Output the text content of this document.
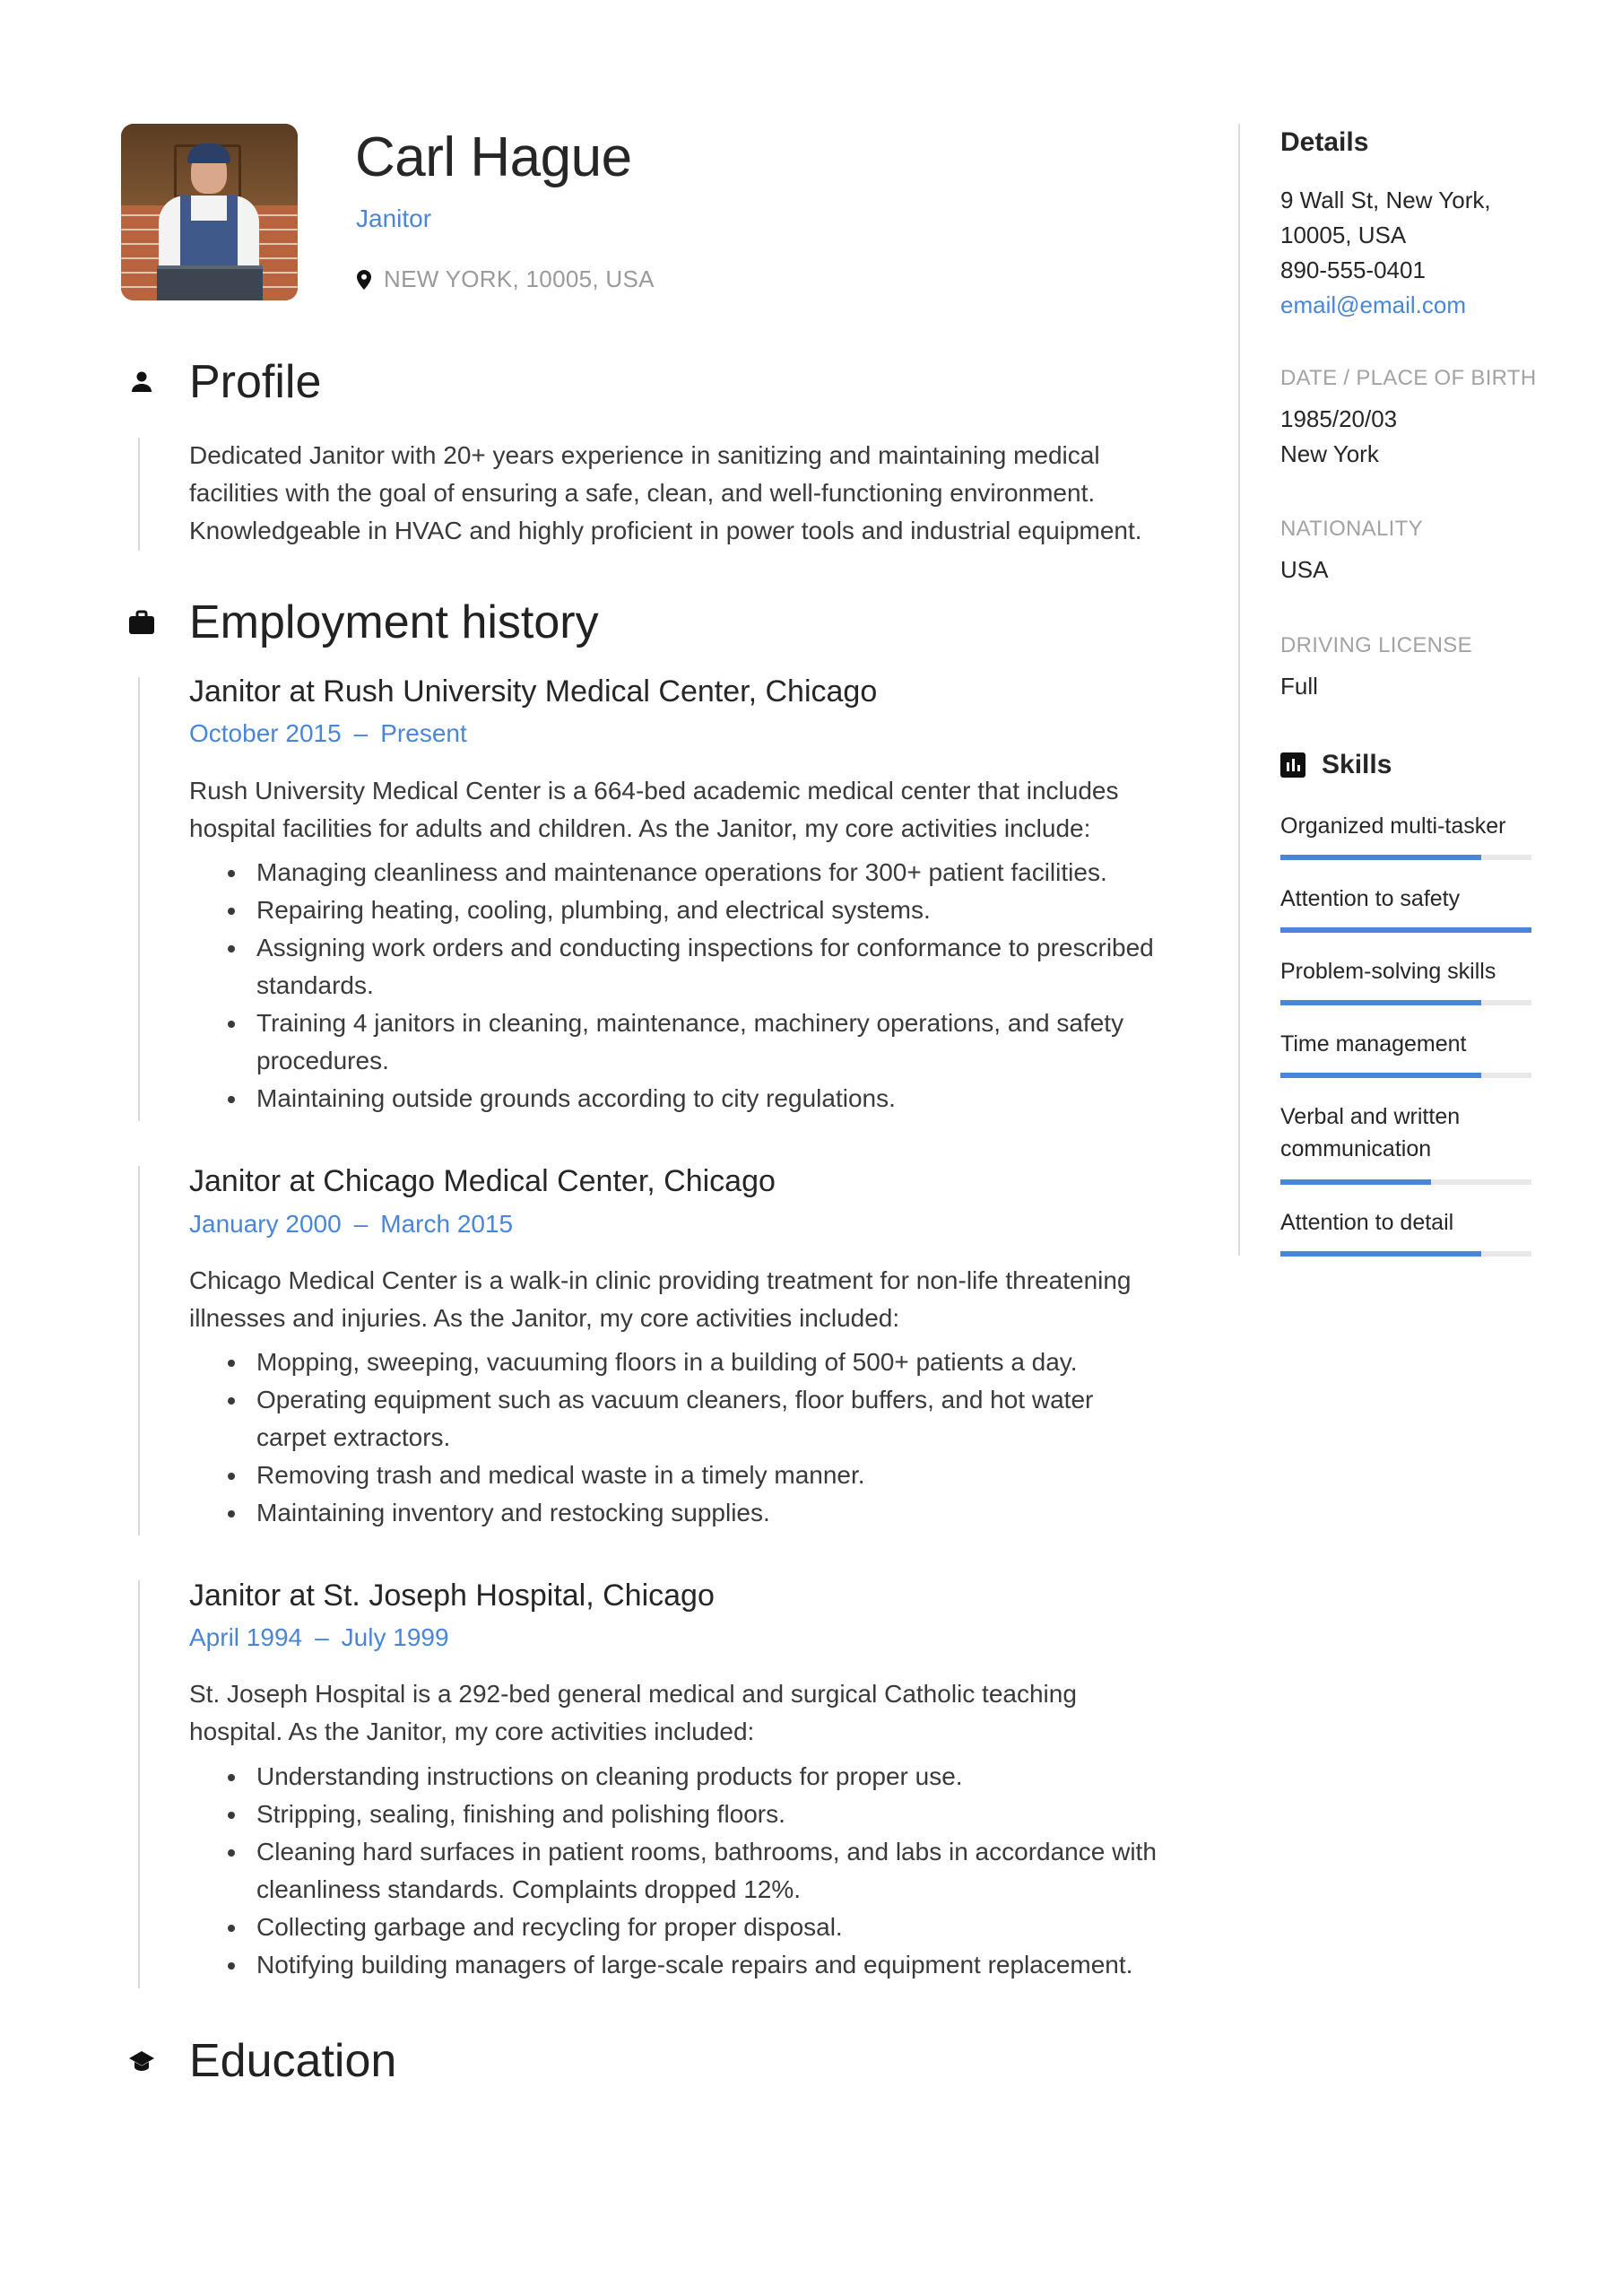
Carl Hague
Janitor
NEW YORK, 10005, USA
Profile
Dedicated Janitor with 20+ years experience in sanitizing and maintaining medical
facilities with the goal of ensuring a safe, clean, and well-functioning environment.
Knowledgeable in HVAC and highly proficient in power tools and industrial equipment.
Employment history
Janitor at Rush University Medical Center, Chicago
October 2015 – Present
Rush University Medical Center is a 664-bed academic medical center that includes
hospital facilities for adults and children. As the Janitor, my core activities include:
Managing cleanliness and maintenance operations for 300+ patient facilities.
Repairing heating, cooling, plumbing, and electrical systems.
Assigning work orders and conducting inspections for conformance to prescribed standards.
Training 4 janitors in cleaning, maintenance, machinery operations, and safety procedures.
Maintaining outside grounds according to city regulations.
Janitor at Chicago Medical Center, Chicago
January 2000 – March 2015
Chicago Medical Center is a walk-in clinic providing treatment for non-life threatening
illnesses and injuries. As the Janitor, my core activities included:
Mopping, sweeping, vacuuming floors in a building of 500+ patients a day.
Operating equipment such as vacuum cleaners, floor buffers, and hot water carpet extractors.
Removing trash and medical waste in a timely manner.
Maintaining inventory and restocking supplies.
Janitor at St. Joseph Hospital, Chicago
April 1994 – July 1999
St. Joseph Hospital is a 292-bed general medical and surgical Catholic teaching
hospital. As the Janitor, my core activities included:
Understanding instructions on cleaning products for proper use.
Stripping, sealing, finishing and polishing floors.
Cleaning hard surfaces in patient rooms, bathrooms, and labs in accordance with cleanliness standards. Complaints dropped 12%.
Collecting garbage and recycling for proper disposal.
Notifying building managers of large-scale repairs and equipment replacement.
Education
Details
9 Wall St, New York,
10005, USA
890-555-0401
email@email.com
DATE / PLACE OF BIRTH
1985/20/03
New York
NATIONALITY
USA
DRIVING LICENSE
Full
Skills
Organized multi-tasker
Attention to safety
Problem-solving skills
Time management
Verbal and written communication
Attention to detail
